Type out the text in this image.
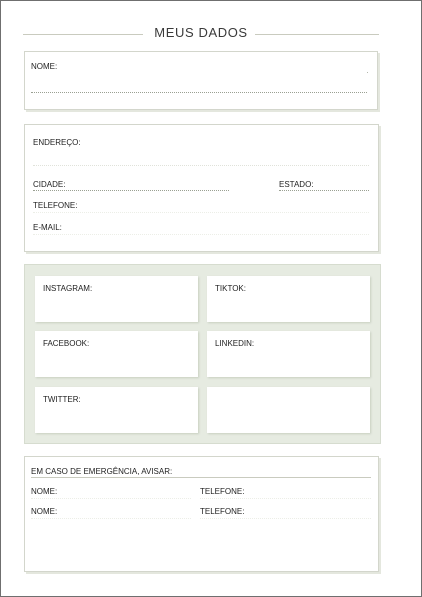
MEUS DADOS
NOME:
ENDEREÇO:
CIDADE:	ESTADO:
TELEFONE:
E-MAIL:
INSTAGRAM:	TIKTOK:
FACEBOOK:	LINKEDIN:
TWITTER:
EM CASO DE EMERGÊNCIA, AVISAR:
NOME:	TELEFONE:
NOME:	TELEFONE:
